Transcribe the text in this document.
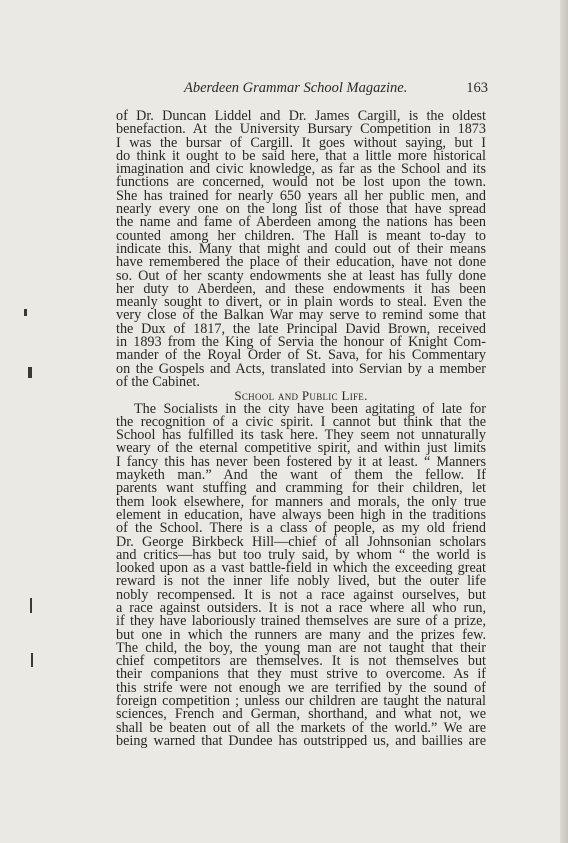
Aberdeen Grammar School Magazine.	163
of Dr. Duncan Liddel and Dr. James Cargill, is the oldest
benefaction. At the University Bursary Competition in 1873
I was the bursar of Cargill. It goes without saying, but I
do think it ought to be said here, that a little more historical
imagination and civic knowledge, as far as the School and its
functions are concerned, would not be lost upon the town.
She has trained for nearly 650 years all her public men, and
nearly every one on the long list of those that have spread
the name and fame of Aberdeen among the nations has been
counted among her children. The Hall is meant to-day to
indicate this. Many that might and could out of their means
have remembered the place of their education, have not done
so. Out of her scanty endowments she at least has fully done
her duty to Aberdeen, and these endowments it has been
meanly sought to divert, or in plain words to steal. Even the
very close of the Balkan War may serve to remind some that
the Dux of 1817, the late Principal David Brown, received
in 1893 from the King of Servia the honour of Knight Com-
mander of the Royal Order of St. Sava, for his Commentary
on the Gospels and Acts, translated into Servian by a member
of the Cabinet.
School and Public Life.
The Socialists in the city have been agitating of late for
the recognition of a civic spirit. I cannot but think that the
School has fulfilled its task here. They seem not unnaturally
weary of the eternal competitive spirit, and within just limits
I fancy this has never been fostered by it at least. “ Manners
mayketh man.” And the want of them the fellow. If
parents want stuffing and cramming for their children, let
them look elsewhere, for manners and morals, the only true
element in education, have always been high in the traditions
of the School. There is a class of people, as my old friend
Dr. George Birkbeck Hill—chief of all Johnsonian scholars
and critics—has but too truly said, by whom “ the world is
looked upon as a vast battle-field in which the exceeding great
reward is not the inner life nobly lived, but the outer life
nobly recompensed. It is not a race against ourselves, but
a race against outsiders. It is not a race where all who run,
if they have laboriously trained themselves are sure of a prize,
but one in which the runners are many and the prizes few.
The child, the boy, the young man are not taught that their
chief competitors are themselves. It is not themselves but
their companions that they must strive to overcome. As if
this strife were not enough we are terrified by the sound of
foreign competition ; unless our children are taught the natural
sciences, French and German, shorthand, and what not, we
shall be beaten out of all the markets of the world.” We are
being warned that Dundee has outstripped us, and baillies are
